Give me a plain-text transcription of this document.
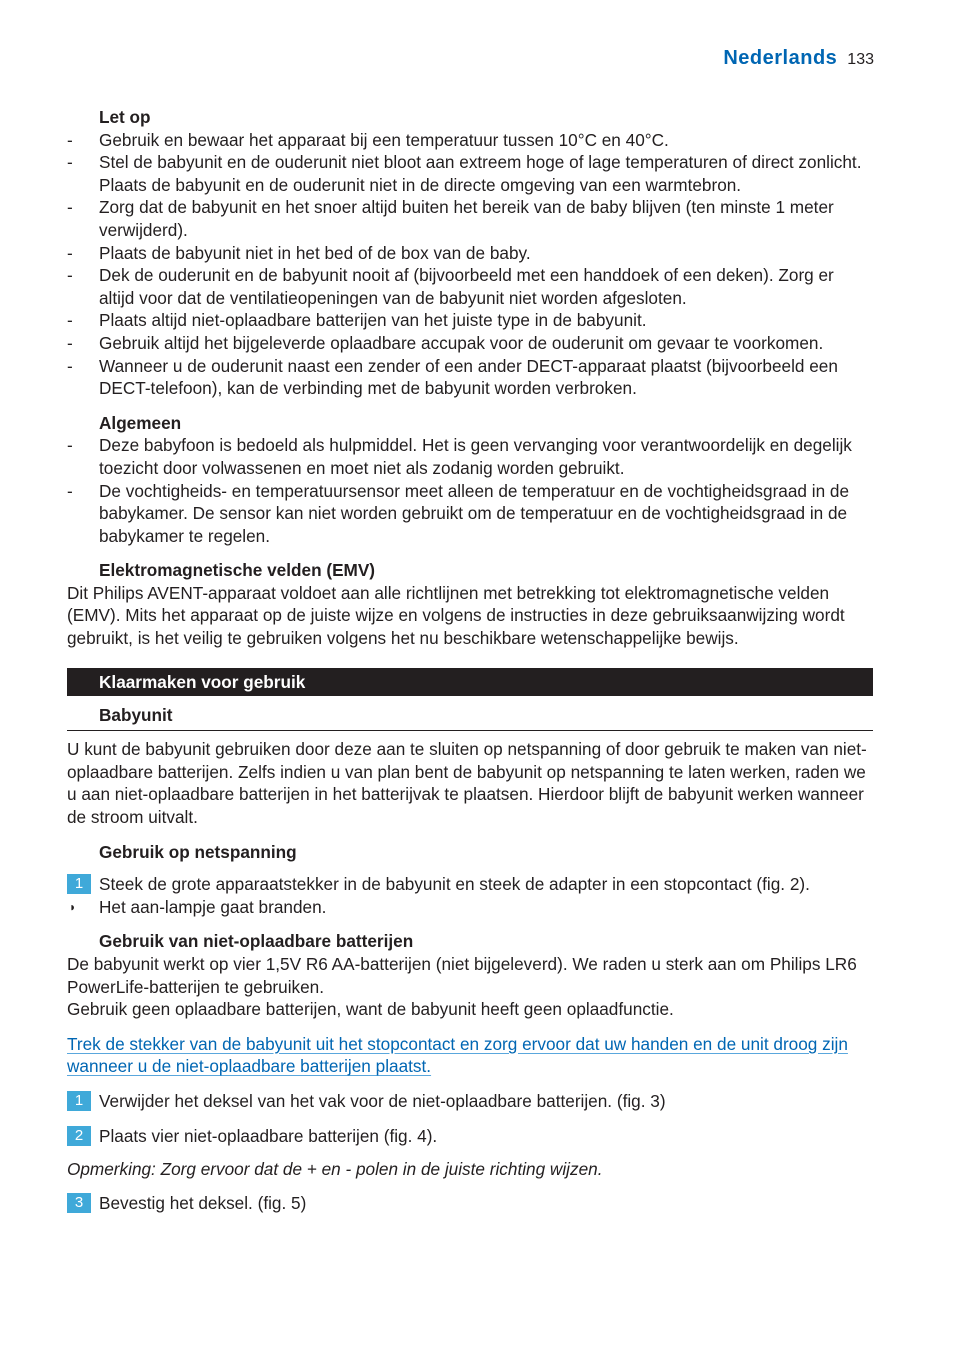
Nederlands 133
Let op
- Gebruik en bewaar het apparaat bij een temperatuur tussen 10°C en 40°C.
- Stel de babyunit en de ouderunit niet bloot aan extreem hoge of lage temperaturen of direct zonlicht. Plaats de babyunit en de ouderunit niet in de directe omgeving van een warmtebron.
- Zorg dat de babyunit en het snoer altijd buiten het bereik van de baby blijven (ten minste 1 meter verwijderd).
- Plaats de babyunit niet in het bed of de box van de baby.
- Dek de ouderunit en de babyunit nooit af (bijvoorbeeld met een handdoek of een deken). Zorg er altijd voor dat de ventilatieopeningen van de babyunit niet worden afgesloten.
- Plaats altijd niet-oplaadbare batterijen van het juiste type in de babyunit.
- Gebruik altijd het bijgeleverde oplaadbare accupak voor de ouderunit om gevaar te voorkomen.
- Wanneer u de ouderunit naast een zender of een ander DECT-apparaat plaatst (bijvoorbeeld een DECT-telefoon), kan de verbinding met de babyunit worden verbroken.
Algemeen
- Deze babyfoon is bedoeld als hulpmiddel. Het is geen vervanging voor verantwoordelijk en degelijk toezicht door volwassenen en moet niet als zodanig worden gebruikt.
- De vochtigheids- en temperatuursensor meet alleen de temperatuur en de vochtigheidsgraad in de babykamer. De sensor kan niet worden gebruikt om de temperatuur en de vochtigheidsgraad in de babykamer te regelen.
Elektromagnetische velden (EMV)

Dit Philips AVENT-apparaat voldoet aan alle richtlijnen met betrekking tot elektromagnetische velden (EMV). Mits het apparaat op de juiste wijze en volgens de instructies in deze gebruiksaanwijzing wordt gebruikt, is het veilig te gebruiken volgens het nu beschikbare wetenschappelijke bewijs.

Klaarmaken voor gebruik
Babyunit

U kunt de babyunit gebruiken door deze aan te sluiten op netspanning of door gebruik te maken van niet-oplaadbare batterijen. Zelfs indien u van plan bent de babyunit op netspanning te laten werken, raden we u aan niet-oplaadbare batterijen in het batterijvak te plaatsen. Hierdoor blijft de babyunit werken wanneer de stroom uitvalt.

Gebruik op netspanning
1 Steek de grote apparaatstekker in de babyunit en steek de adapter in een stopcontact (fig. 2).
◗ Het aan-lampje gaat branden.
Gebruik van niet-oplaadbare batterijen

De babyunit werkt op vier 1,5V R6 AA-batterijen (niet bijgeleverd). We raden u sterk aan om Philips LR6 PowerLife-batterijen te gebruiken.

Gebruik geen oplaadbare batterijen, want de babyunit heeft geen oplaadfunctie.

Trek de stekker van de babyunit uit het stopcontact en zorg ervoor dat uw handen en de unit droog zijn wanneer u de niet-oplaadbare batterijen plaatst.
1 Verwijder het deksel van het vak voor de niet-oplaadbare batterijen. (fig. 3)
2 Plaats vier niet-oplaadbare batterijen (fig. 4).

Opmerking: Zorg ervoor dat de + en - polen in de juiste richting wijzen.

3 Bevestig het deksel. (fig. 5)
